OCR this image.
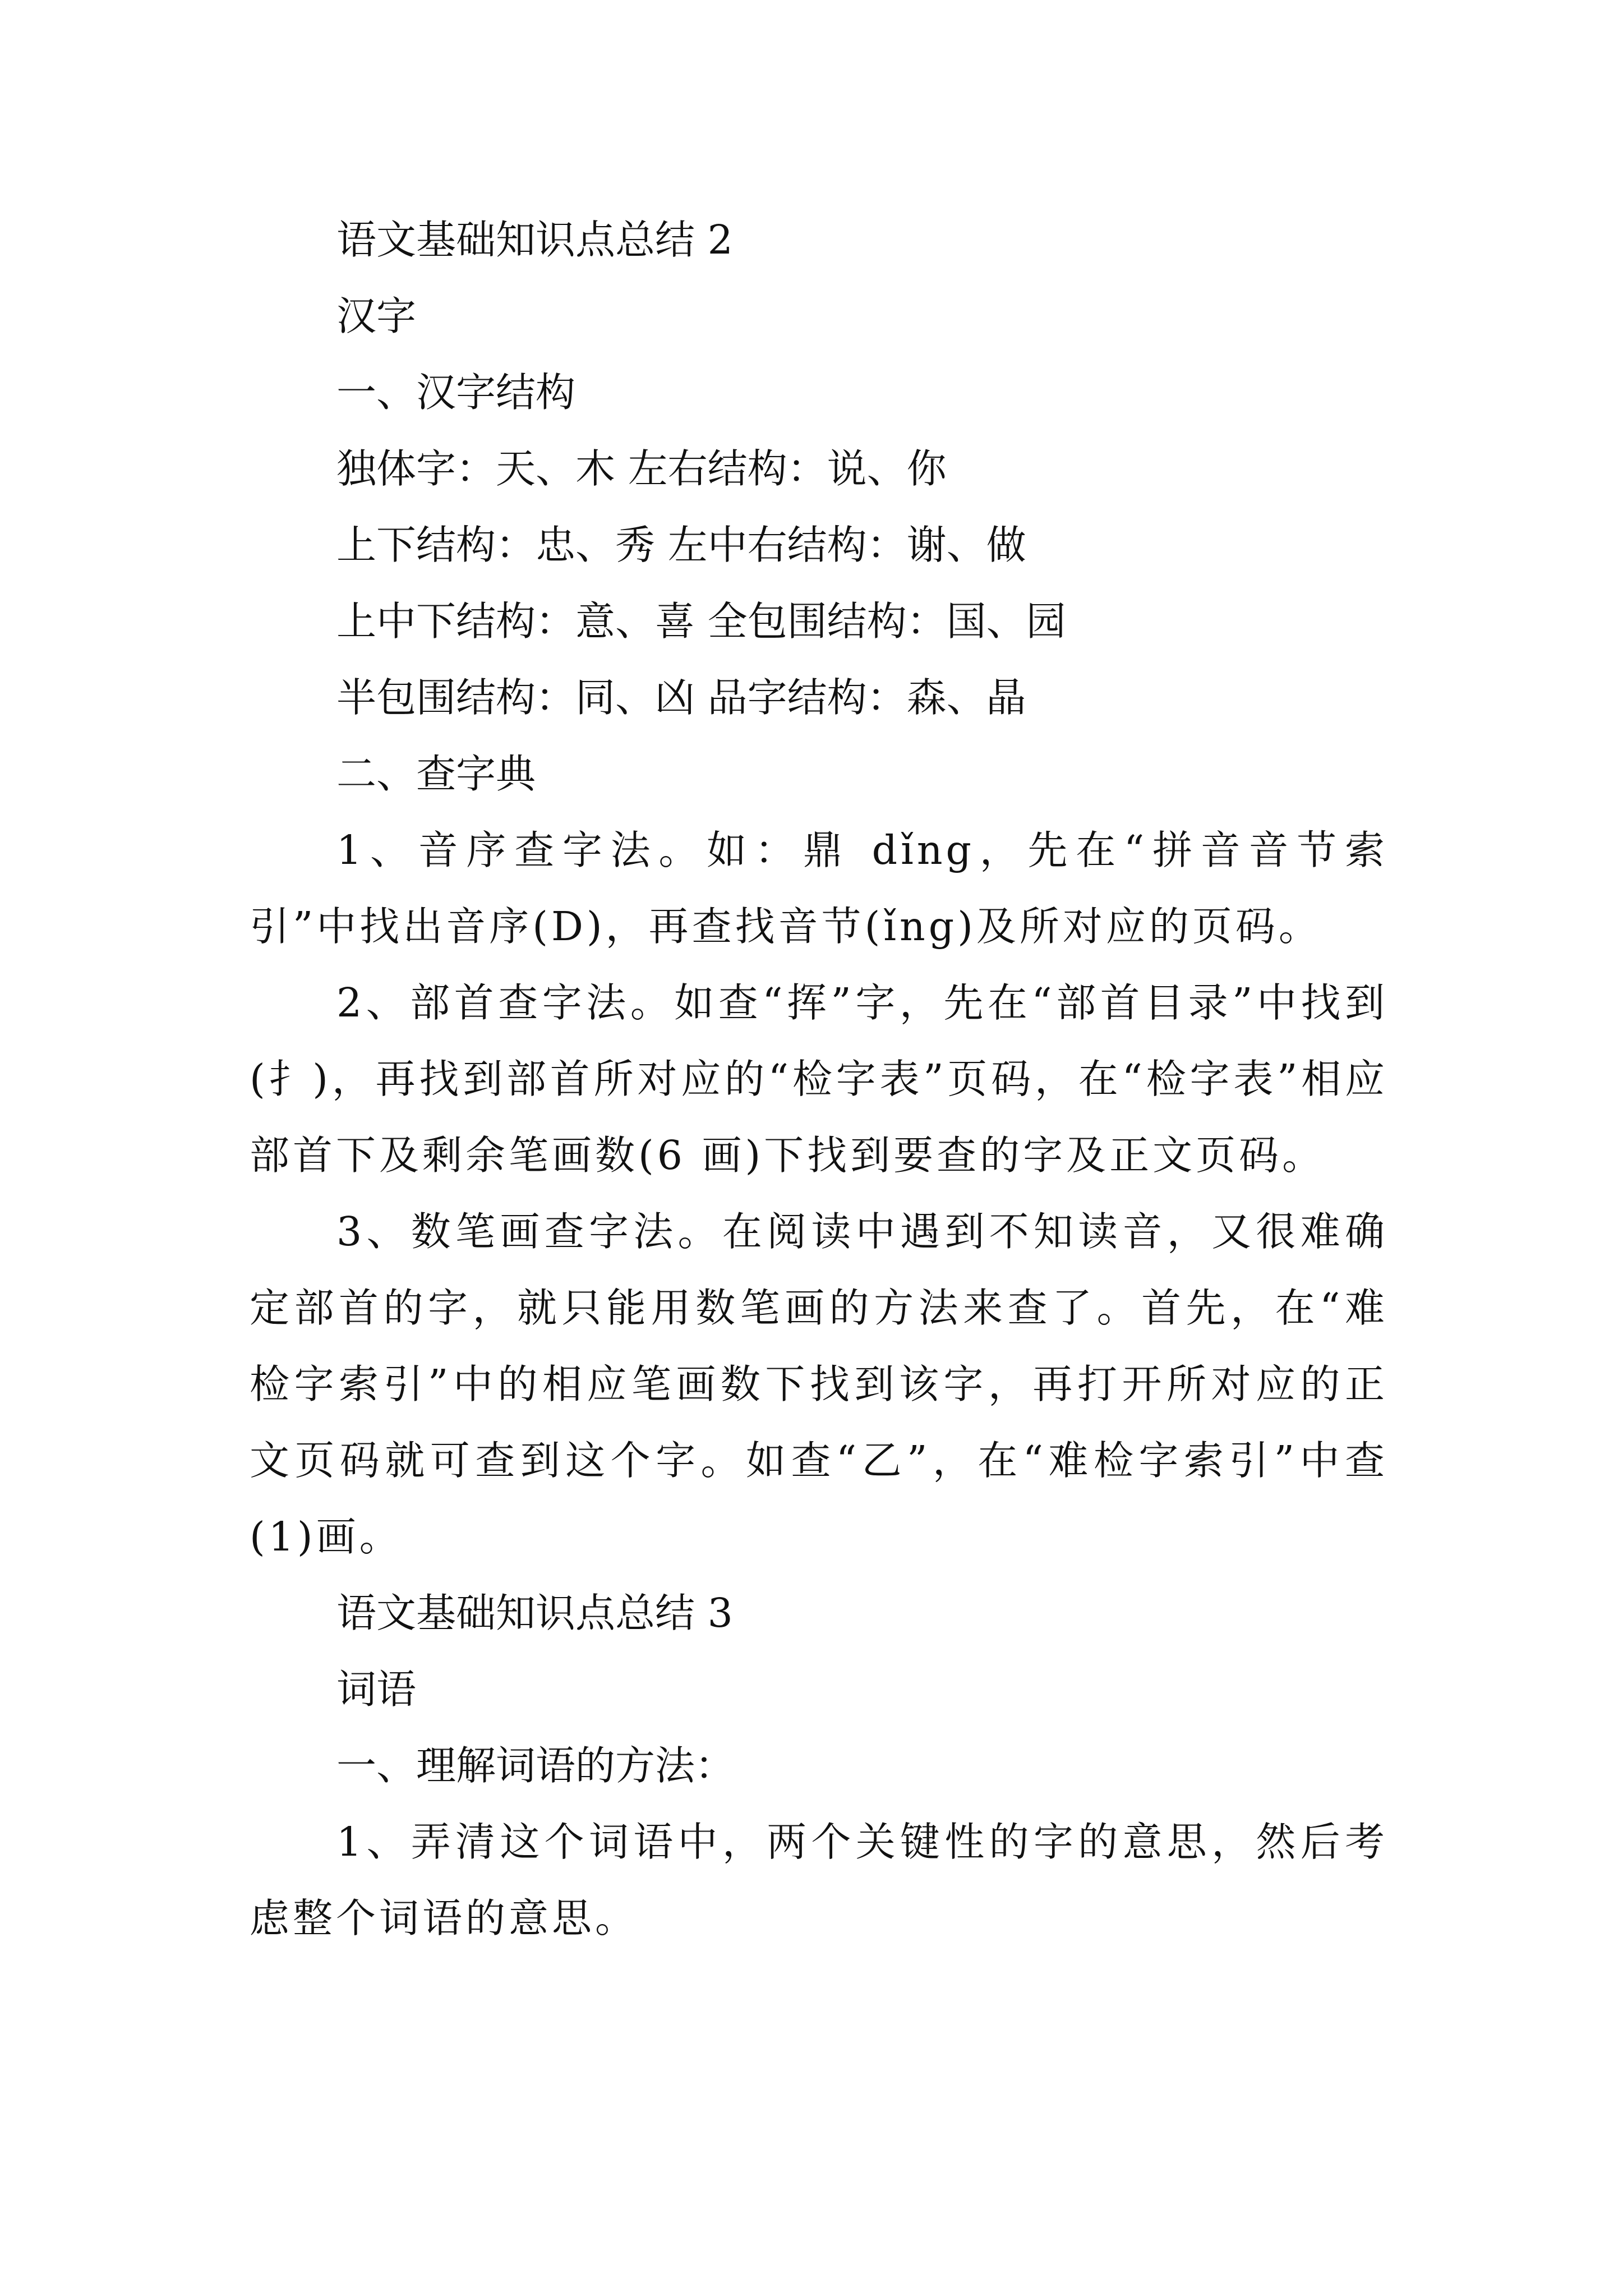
语文基础知识点总结 2

汉字

一、汉字结构

独体字：天、木 左右结构：说、你

上下结构：忠、秀 左中右结构：谢、做

上中下结构：意、喜 全包围结构：国、园

半包围结构：同、凶 品字结构：森、晶

二、查字典

1、音序查字法。如：鼎 dǐng，先在“拼音音节索引”中找出音序(D)，再查找音节(ǐng)及所对应的页码。

2、部首查字法。如查“挥”字，先在“部首目录”中找到(扌)，再找到部首所对应的“检字表”页码，在“检字表”相应部首下及剩余笔画数(6 画)下找到要查的字及正文页码。

3、数笔画查字法。在阅读中遇到不知读音，又很难确定部首的字，就只能用数笔画的方法来查了。首先，在“难检字索引”中的相应笔画数下找到该字，再打开所对应的正文页码就可查到这个字。如查“乙”，在“难检字索引”中查(1)画。

语文基础知识点总结 3

词语

一、理解词语的方法：

1、弄清这个词语中，两个关键性的字的意思，然后考虑整个词语的意思。
